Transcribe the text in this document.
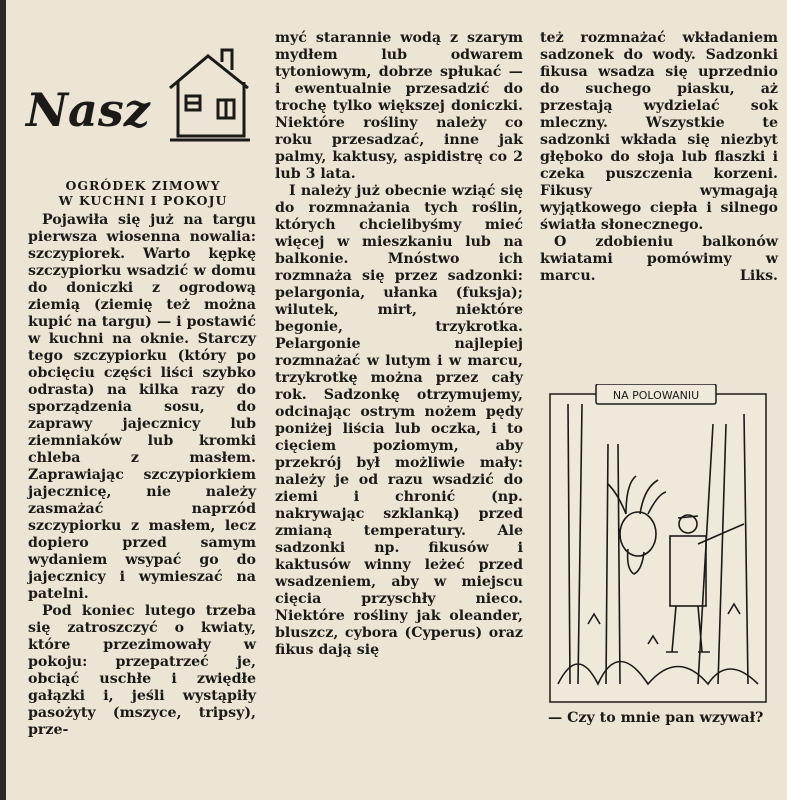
Nasz
OGRÓDEK ZIMOWY
W KUCHNI I POKOJU

Pojawiła się już na targu pierwsza wiosenna nowalia: szczypiorek. Warto kępkę szczypiorku wsadzić w domu do doniczki z ogrodową ziemią (ziemię też można kupić na targu) — i postawić w kuchni na oknie. Starczy tego szczypiorku (który po obcięciu części liści szybko odrasta) na kilka razy do sporządzenia sosu, do zaprawy jajecznicy lub ziemniaków lub kromki chleba z masłem. Zaprawiając szczypiorkiem jajecznicę, nie należy zasmażać naprzód szczypiorku z masłem, lecz dopiero przed samym wydaniem wsypać go do jajecznicy i wymieszać na patelni.

Pod koniec lutego trzeba się zatroszczyć o kwiaty, które przezimowały w pokoju: przepatrzeć je, obciąć uschłe i zwiędłe gałązki i, jeśli wystąpiły pasożyty (mszyce, tripsy), prze-

myć starannie wodą z szarym mydłem lub odwarem tytoniowym, dobrze spłukać — i ewentualnie przesadzić do trochę tylko większej doniczki. Niektóre rośliny należy co roku przesadzać, inne jak palmy, kaktusy, aspidistrę co 2 lub 3 lata.

I należy już obecnie wziąć się do rozmnażania tych roślin, których chcielibyśmy mieć więcej w mieszkaniu lub na balkonie. Mnóstwo ich rozmnaża się przez sadzonki: pelargonia, ułanka (fuksja); wilutek, mirt, niektóre begonie, trzykrotka. Pelargonie najlepiej rozmnażać w lutym i w marcu, trzykrotkę można przez cały rok. Sadzonkę otrzymujemy, odcinając ostrym nożem pędy poniżej liścia lub oczka, i to cięciem poziomym, aby przekrój był możliwie mały: należy je od razu wsadzić do ziemi i chronić (np. nakrywając szklanką) przed zmianą temperatury. Ale sadzonki np. fikusów i kaktusów winny leżeć przed wsadzeniem, aby w miejscu cięcia przyschły nieco. Niektóre rośliny jak oleander, bluszcz, cybora (Cyperus) oraz fikus dają się

też rozmnażać wkładaniem sadzonek do wody. Sadzonki fikusa wsadza się uprzednio do suchego piasku, aż przestają wydzielać sok mleczny. Wszystkie te sadzonki wkłada się niezbyt głęboko do słoja lub flaszki i czeka puszczenia korzeni. Fikusy wymagają wyjątkowego ciepła i silnego światła słonecznego.

O zdobieniu balkonów kwiatami pomówimy w marcu.	Liks.

NA POLOWANIU
— Czy to mnie pan wzywał?
